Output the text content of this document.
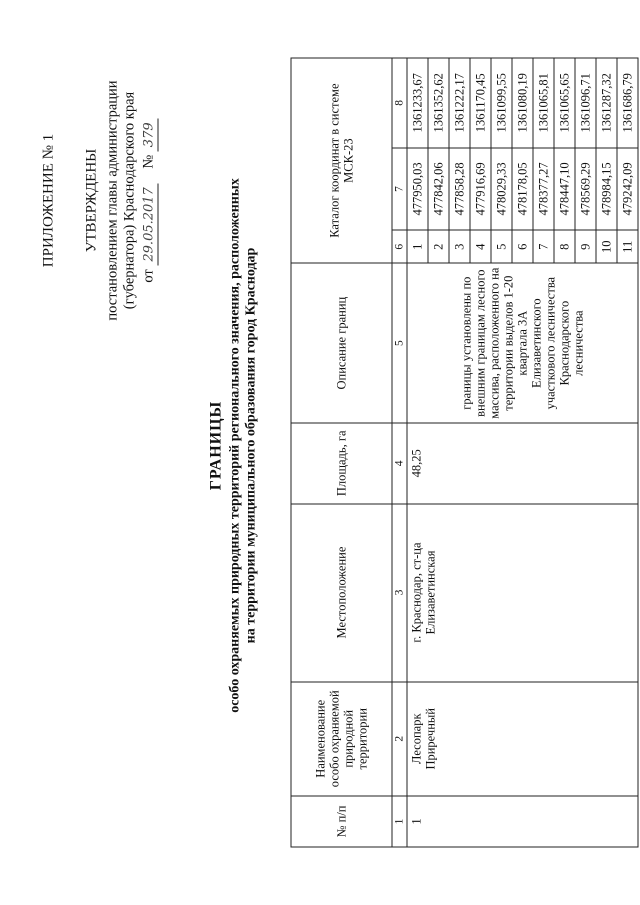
ПРИЛОЖЕНИЕ № 1 УТВЕРЖДЕНЫ постановлением главы администрации (губернатора) Краснодарского края от 29.05.2017    № 379
ГРАНИЦЫ особо охраняемых природных территорий регионального значения, расположенных на территории муниципального образования город Краснодар
№ п/п	Наименование особо охраняемой природной территории	Местоположение	Площадь, га	Описание границ	Каталог координат в системе МСК-23		
1	2	3	4	5	6	7	8
1	Лесопарк Приречный	г. Краснодар, ст-ца Елизаветинская	48,25	границы установлены по внешним границам лесного массива, расположенного на территории выделов 1-20 квартала 3А Елизаветинского участкового лесничества Краснодарского лесничества	1	477950,03	1361233,67
					2	477842,06	1361352,62
					3	477858,28	1361222,17
					4	477916,69	1361170,45
					5	478029,33	1361099,55
					6	478178,05	1361080,19
					7	478377,27	1361065,81
					8	478447,10	1361065,65
					9	478569,29	1361096,71
					10	478984,15	1361287,32
					11	479242,09	1361686,79
